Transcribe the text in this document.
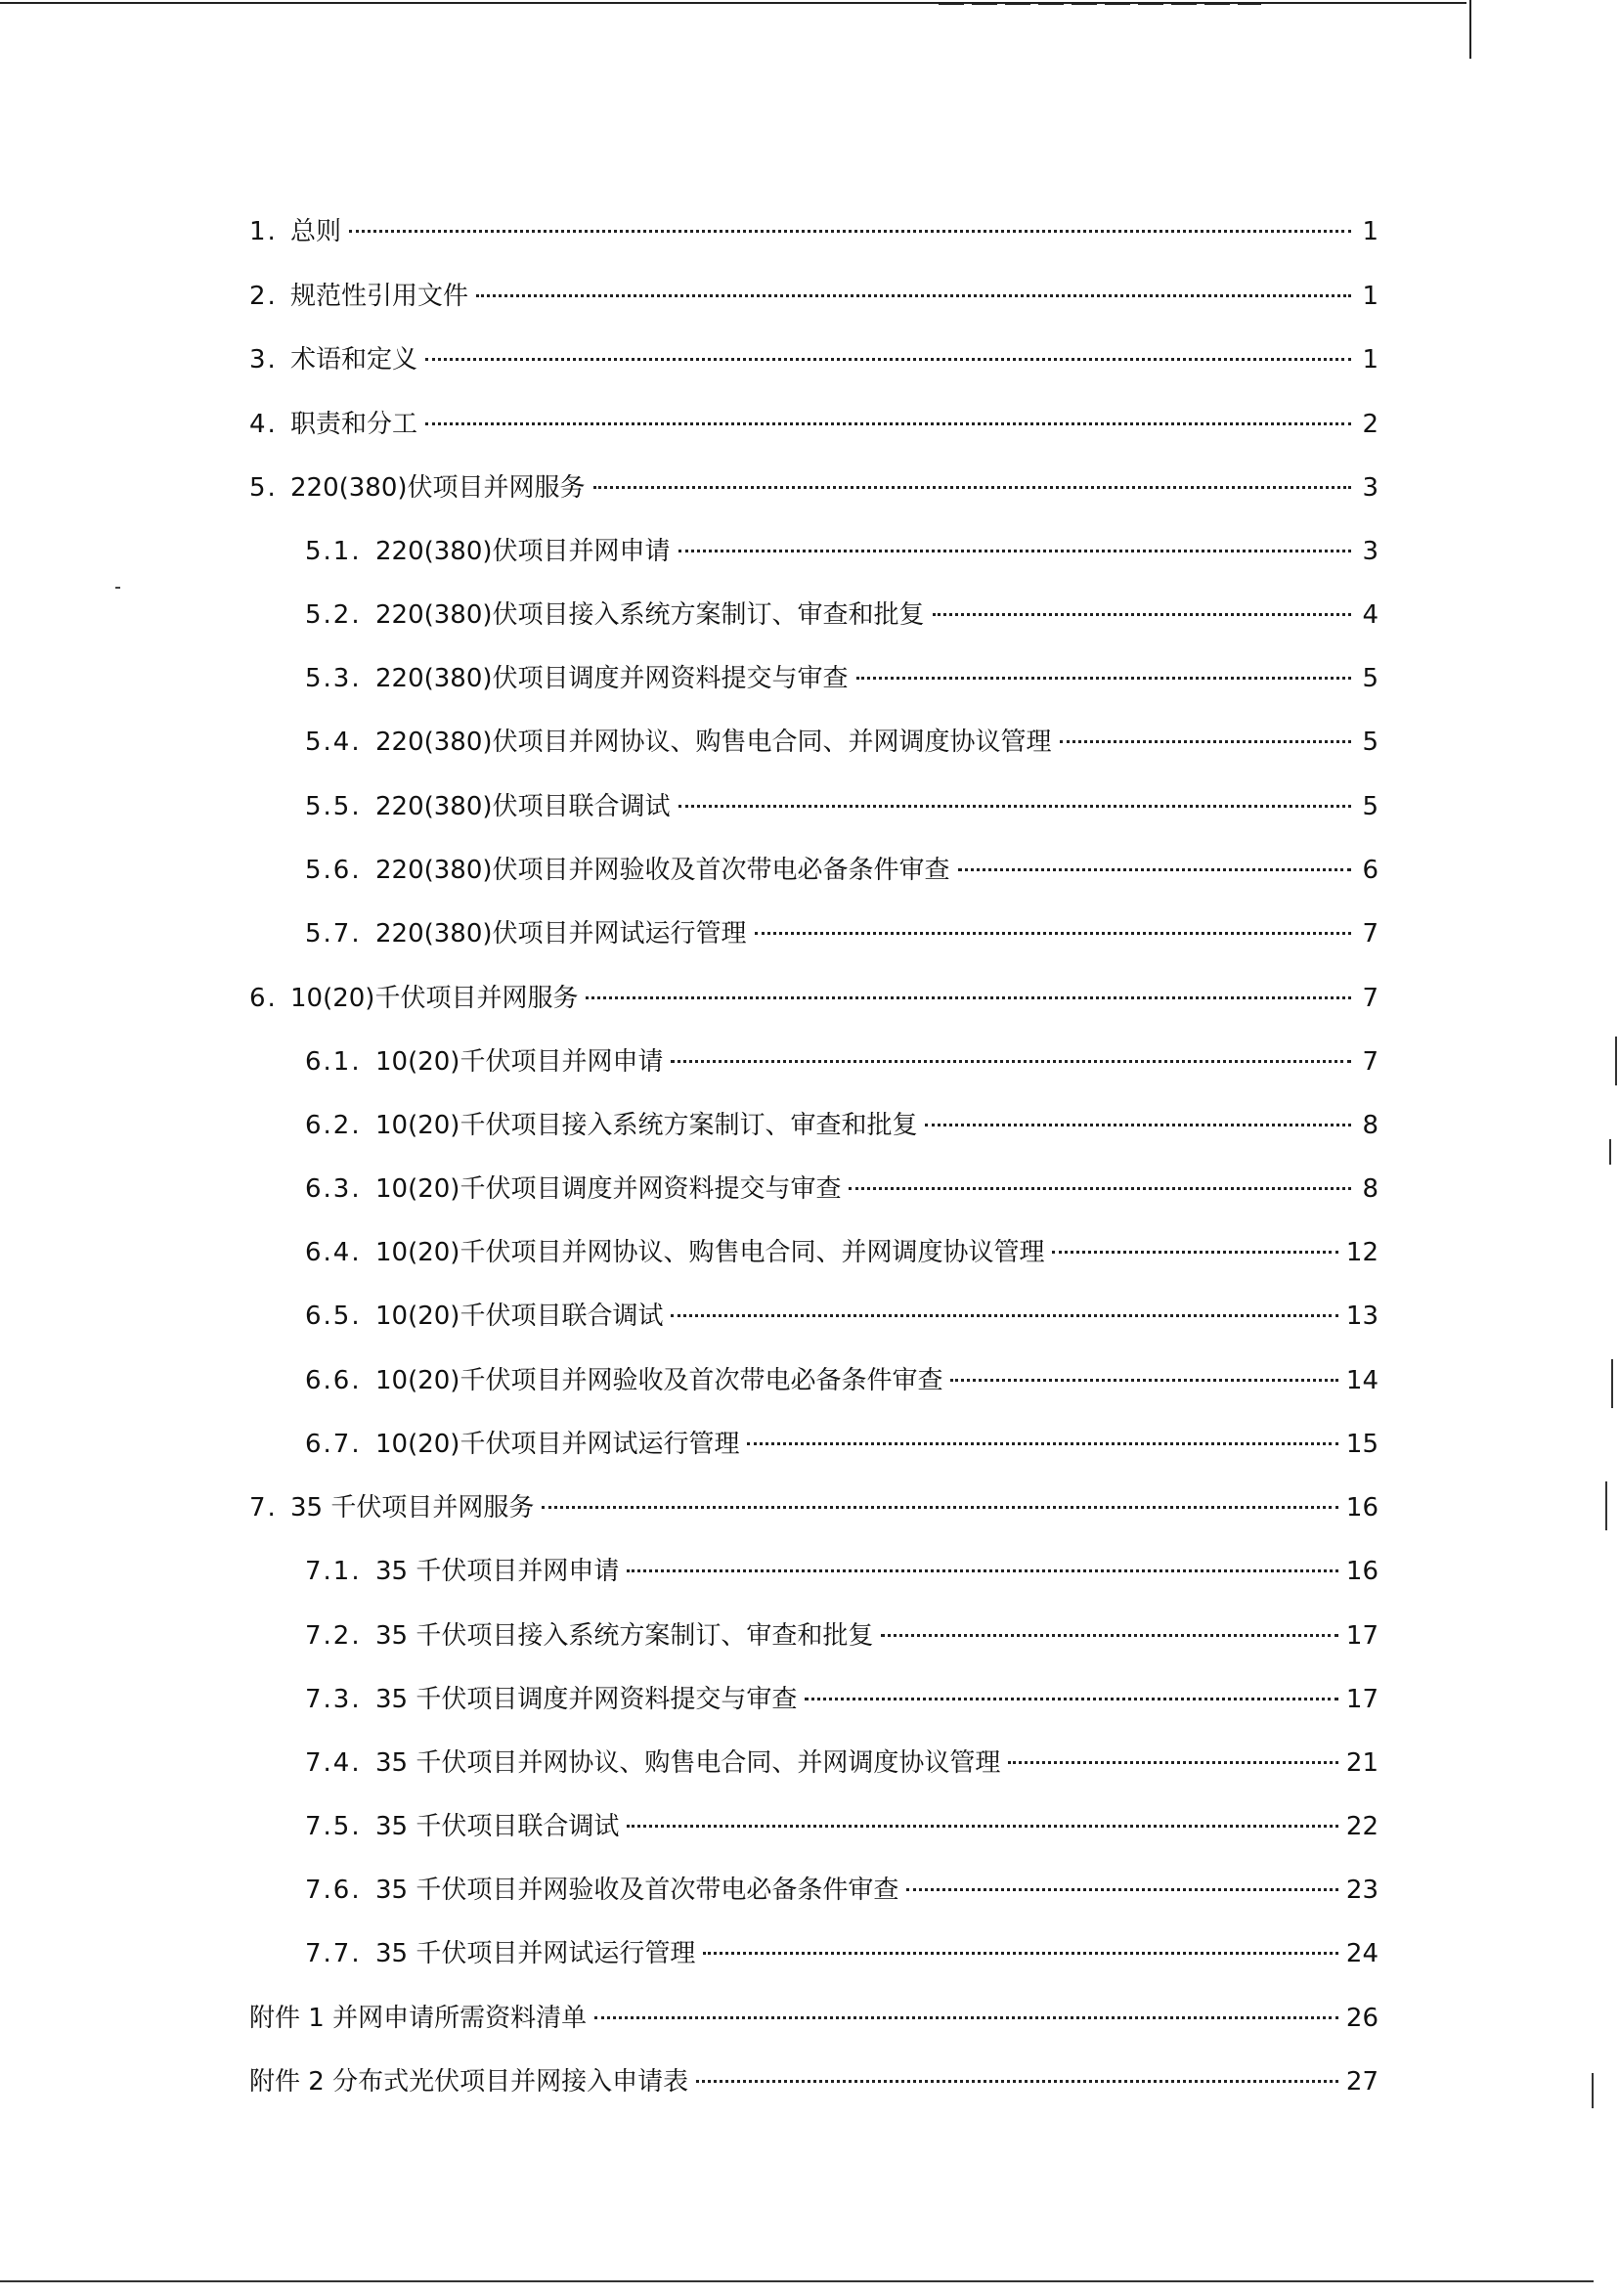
1. 总则	1
2. 规范性引用文件	1
3. 术语和定义	1
4. 职责和分工	2
5. 220(380)伏项目并网服务	3
5.1. 220(380)伏项目并网申请	3
5.2. 220(380)伏项目接入系统方案制订、审查和批复	4
5.3. 220(380)伏项目调度并网资料提交与审查	5
5.4. 220(380)伏项目并网协议、购售电合同、并网调度协议管理	5
5.5. 220(380)伏项目联合调试	5
5.6. 220(380)伏项目并网验收及首次带电必备条件审查	6
5.7. 220(380)伏项目并网试运行管理	7
6. 10(20)千伏项目并网服务	7
6.1. 10(20)千伏项目并网申请	7
6.2. 10(20)千伏项目接入系统方案制订、审查和批复	8
6.3. 10(20)千伏项目调度并网资料提交与审查	8
6.4. 10(20)千伏项目并网协议、购售电合同、并网调度协议管理	12
6.5. 10(20)千伏项目联合调试	13
6.6. 10(20)千伏项目并网验收及首次带电必备条件审查	14
6.7. 10(20)千伏项目并网试运行管理	15
7. 35 千伏项目并网服务	16
7.1. 35 千伏项目并网申请	16
7.2. 35 千伏项目接入系统方案制订、审查和批复	17
7.3. 35 千伏项目调度并网资料提交与审查	17
7.4. 35 千伏项目并网协议、购售电合同、并网调度协议管理	21
7.5. 35 千伏项目联合调试	22
7.6. 35 千伏项目并网验收及首次带电必备条件审查	23
7.7. 35 千伏项目并网试运行管理	24
附件 1 并网申请所需资料清单	26
附件 2 分布式光伏项目并网接入申请表	27
